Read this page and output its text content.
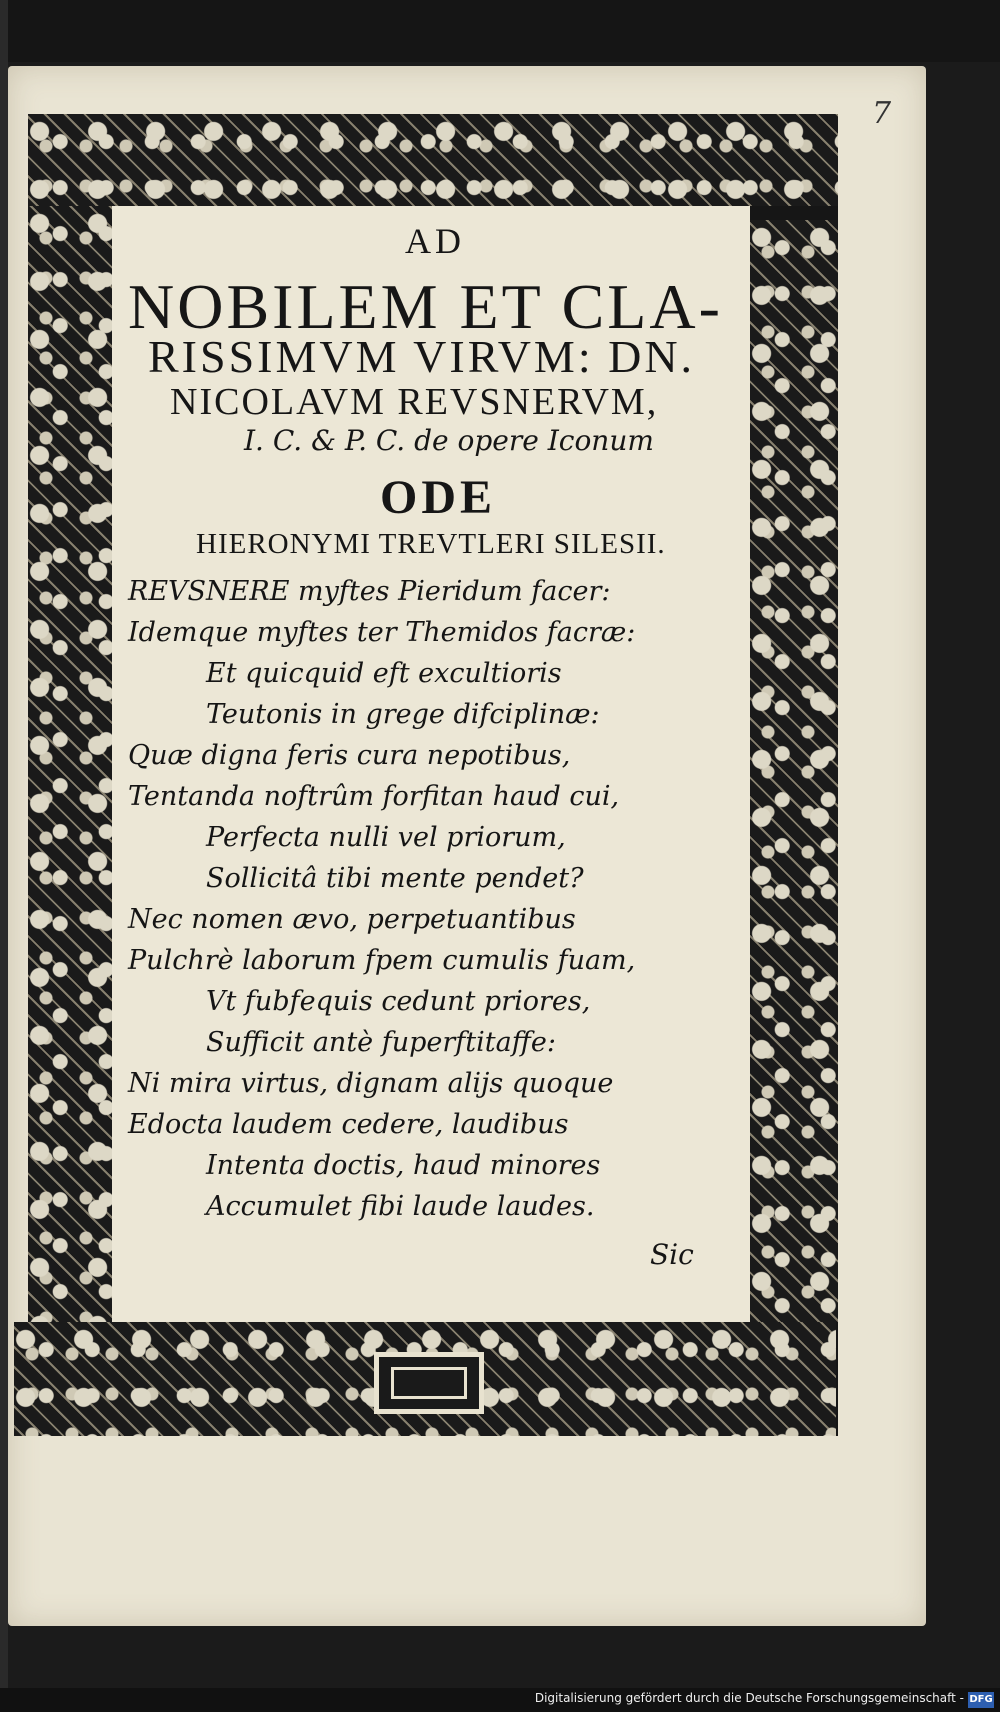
7
AD
NOBILEM ET CLA-
RISSIMVM VIRVM: DN.
NICOLAVM REVSNERVM,
I. C. & P. C. de opere Iconum
ODE
HIERONYMI TREVTLERI SILESII.
REVSNERE myftes Pieridum facer:
Idemque myftes ter Themidos facræ:
Et quicquid eft excultioris
Teutonis in grege difciplinæ:
Quæ digna feris cura nepotibus,
Tentanda noftrûm forfitan haud cui,
Perfecta nulli vel priorum,
Sollicitâ tibi mente pendet?
Nec nomen ævo, perpetuantibus
Pulchrè laborum fpem cumulis fuam,
Vt fubfequis cedunt priores,
Sufficit antè fuperftitaffe:
Ni mira virtus, dignam alijs quoque
Edocta laudem cedere, laudibus
Intenta doctis, haud minores
Accumulet fibi laude laudes.
Sic
Digitalisierung gefördert durch die Deutsche Forschungsgemeinschaft - DFG
